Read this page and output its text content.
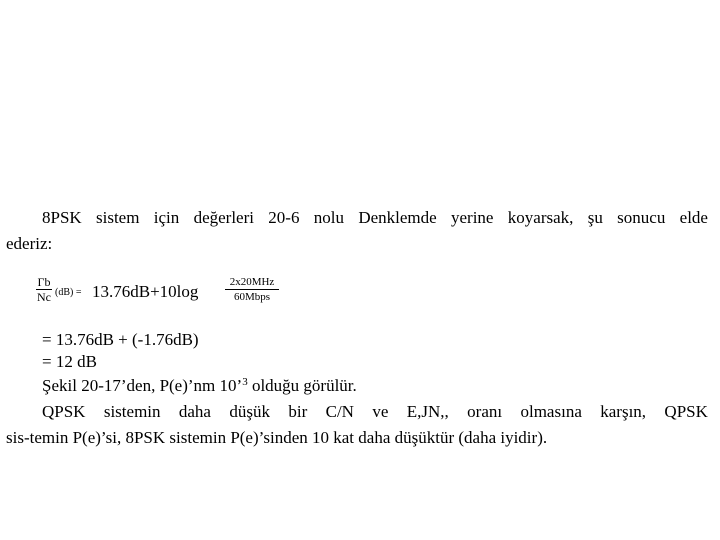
8PSK sistem için değerleri 20-6 nolu Denklemde yerine koyarsak, şu sonucu elde
ederiz:
Γb
Nc (dB) = 13.76dB+10log	2x20MHz
60Mbps
= 13.76dB + (-1.76dB)
= 12 dB
Şekil 20-17’den, P(e)’nm 10’$^3$ olduğu görülür.
QPSK sistemin daha düşük bir C/N ve E,JN,, oranı olmasına karşın, QPSK
sis-temin P(e)’si, 8PSK sistemin P(e)’sinden 10 kat daha düşüktür (daha iyidir).
